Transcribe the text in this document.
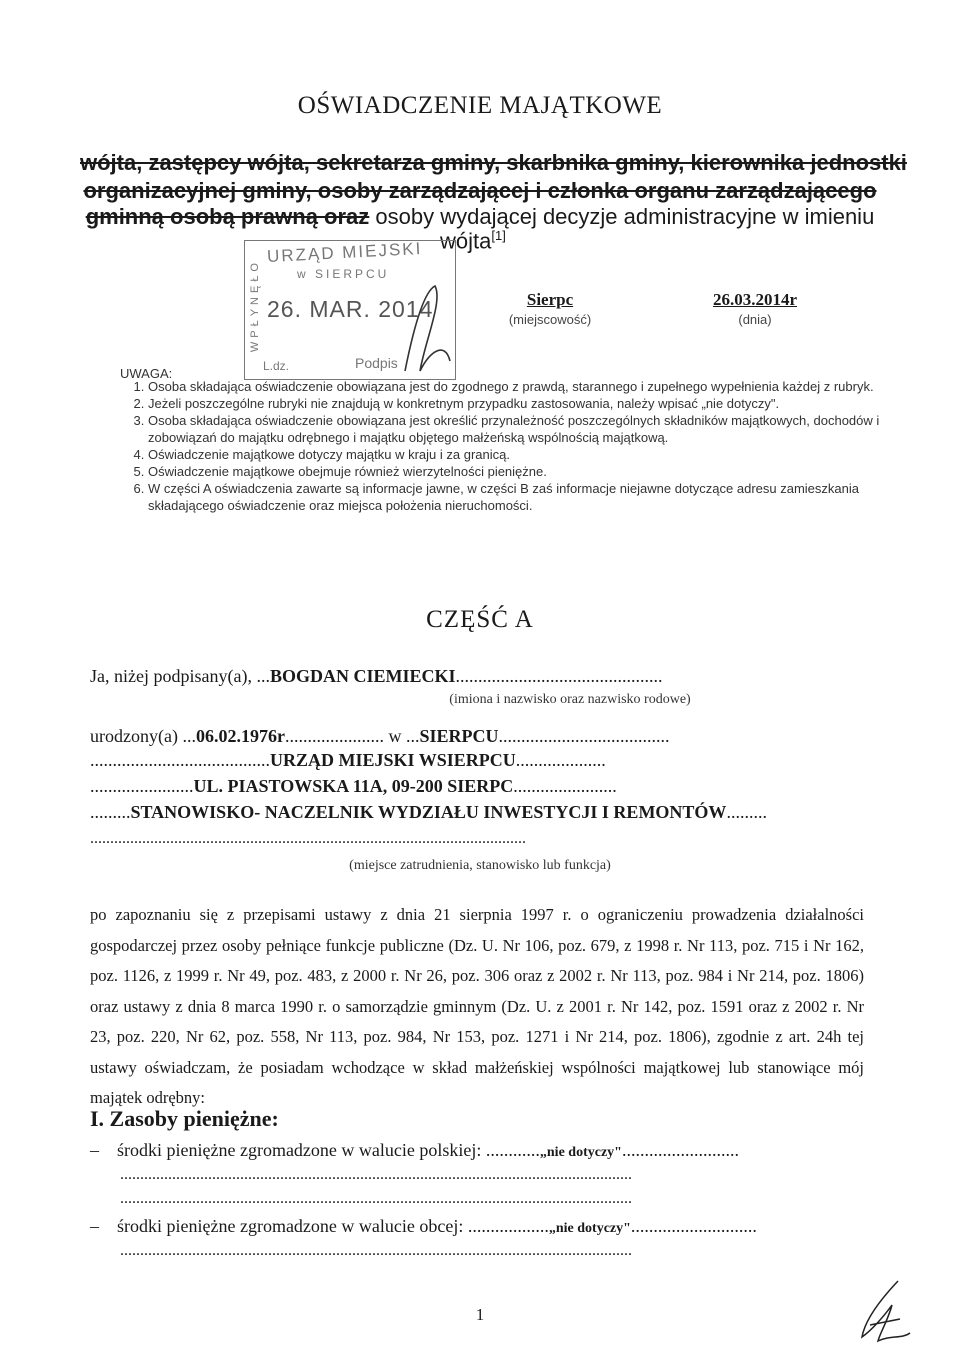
OŚWIADCZENIE MAJĄTKOWE
wójta, zastępcy wójta, sekretarza gminy, skarbnika gminy, kierownika jednostki
organizacyjnej gminy, osoby zarządzającej i członka organu zarządzającego
gminną osobą prawną oraz osoby wydającej decyzje administracyjne w imieniu
wójta[1]
URZĄD MIEJSKI
w SIERPCU
WPŁYNĘŁO 26. MAR. 2014
L.dz.	Podpis
Sierpc
(miejscowość)
26.03.2014r
(dnia)
UWAGA:
1. Osoba składająca oświadczenie obowiązana jest do zgodnego z prawdą, starannego i zupełnego wypełnienia każdej z rubryk.
2. Jeżeli poszczególne rubryki nie znajdują w konkretnym przypadku zastosowania, należy wpisać „nie dotyczy".
3. Osoba składająca oświadczenie obowiązana jest określić przynależność poszczególnych składników majątkowych, dochodów i zobowiązań do majątku odrębnego i majątku objętego małżeńską wspólnością majątkową.
4. Oświadczenie majątkowe dotyczy majątku w kraju i za granicą.
5. Oświadczenie majątkowe obejmuje również wierzytelności pieniężne.
6. W części A oświadczenia zawarte są informacje jawne, w części B zaś informacje niejawne dotyczące adresu zamieszkania składającego oświadczenie oraz miejsca położenia nieruchomości.
CZĘŚĆ A
Ja, niżej podpisany(a), ...BOGDAN CIEMIECKI..............................................
(imiona i nazwisko oraz nazwisko rodowe)
urodzony(a) ...06.02.1976r...................... w ...SIERPCU......................................
........................................URZĄD MIEJSKI WSIERPCU....................
.......................UL. PIASTOWSKA 11A, 09-200 SIERPC.......................
.........STANOWISKO- NACZELNIK WYDZIAŁU INWESTYCJI I REMONTÓW.........
.............................................................................................................
(miejsce zatrudnienia, stanowisko lub funkcja)
po zapoznaniu się z przepisami ustawy z dnia 21 sierpnia 1997 r. o ograniczeniu prowadzenia działalności gospodarczej przez osoby pełniące funkcje publiczne (Dz. U. Nr 106, poz. 679, z 1998 r. Nr 113, poz. 715 i Nr 162, poz. 1126, z 1999 r. Nr 49, poz. 483, z 2000 r. Nr 26, poz. 306 oraz z 2002 r. Nr 113, poz. 984 i Nr 214, poz. 1806) oraz ustawy z dnia 8 marca 1990 r. o samorządzie gminnym (Dz. U. z 2001 r. Nr 142, poz. 1591 oraz z 2002 r. Nr 23, poz. 220, Nr 62, poz. 558, Nr 113, poz. 984, Nr 153, poz. 1271 i Nr 214, poz. 1806), zgodnie z art. 24h tej ustawy oświadczam, że posiadam wchodzące w skład małżeńskiej wspólności majątkowej lub stanowiące mój majątek odrębny:
I. Zasoby pieniężne:
– środki pieniężne zgromadzone w walucie polskiej: ............„nie dotyczy"..........................
................................................................................................................................
................................................................................................................................
– środki pieniężne zgromadzone w walucie obcej: ..................„nie dotyczy"............................
................................................................................................................................
1
